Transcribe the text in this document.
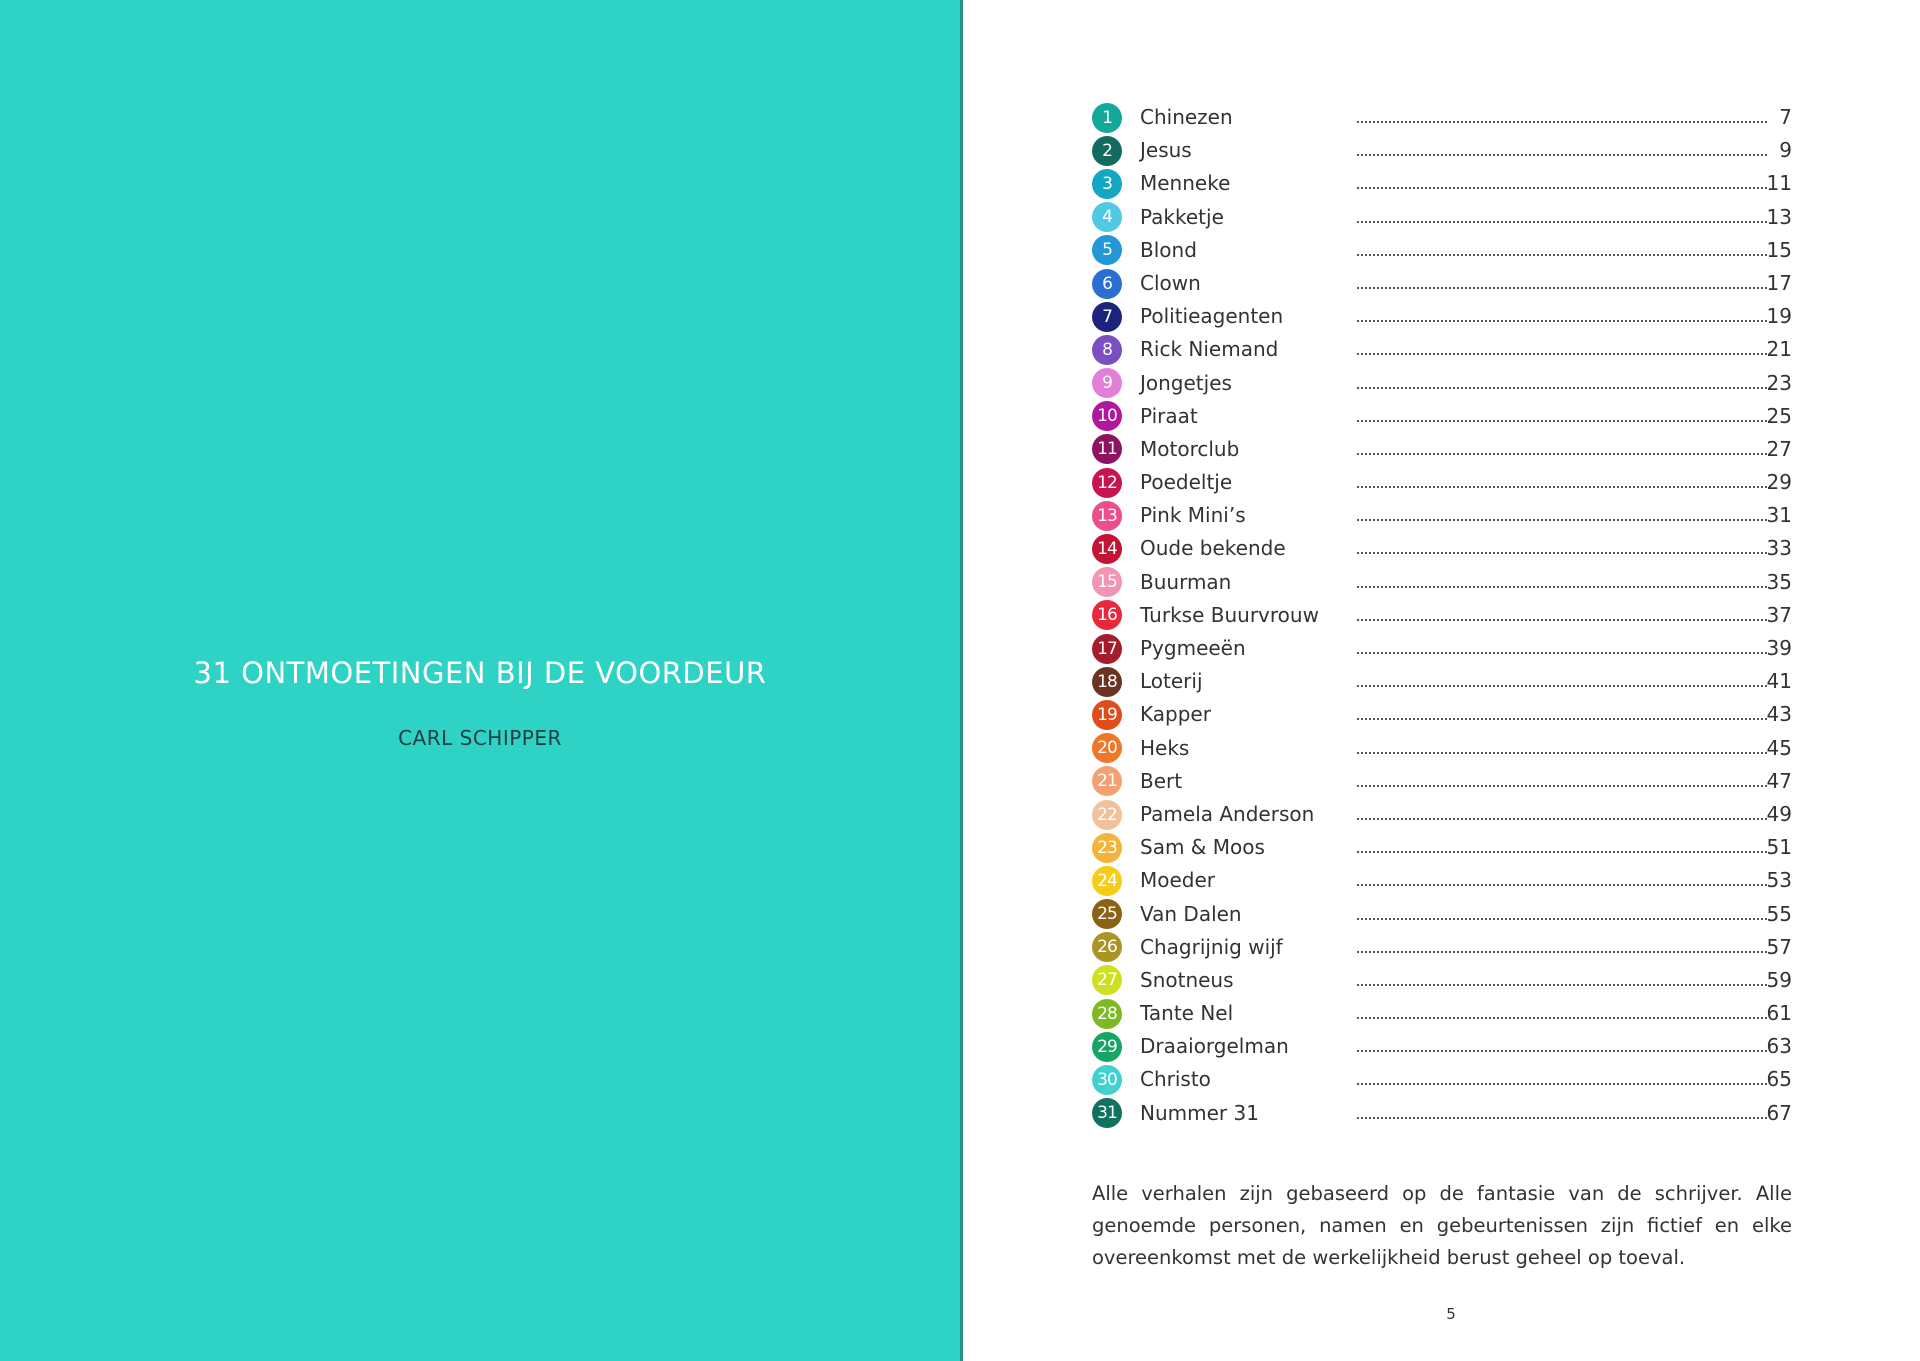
31 ONTMOETINGEN BIJ DE VOORDEUR
CARL SCHIPPER
1	Chinezen	7
2	Jesus	9
3	Menneke	11
4	Pakketje	13
5	Blond	15
6	Clown	17
7	Politieagenten	19
8	Rick Niemand	21
9	Jongetjes	23
10 Piraat	25
11 Motorclub	27
12 Poedeltje	29
13 Pink Mini’s	31
14 Oude bekende	33
15 Buurman	35
16 Turkse Buurvrouw	37
17 Pygmeeën	39
18 Loterij	41
19 Kapper	43
20 Heks	45
21 Bert	47
22 Pamela Anderson	49
23 Sam & Moos	51
24 Moeder	53
25 Van Dalen	55
26 Chagrijnig wijf	57
27 Snotneus	59
28 Tante Nel	61
29 Draaiorgelman	63
30 Christo	65
31 Nummer 31	67
Alle verhalen zijn gebaseerd op de fantasie van de schrijver. Alle genoemde personen, namen en gebeurtenissen zijn fictief en elke overeenkomst met de werkelijkheid berust geheel op toeval.
5
